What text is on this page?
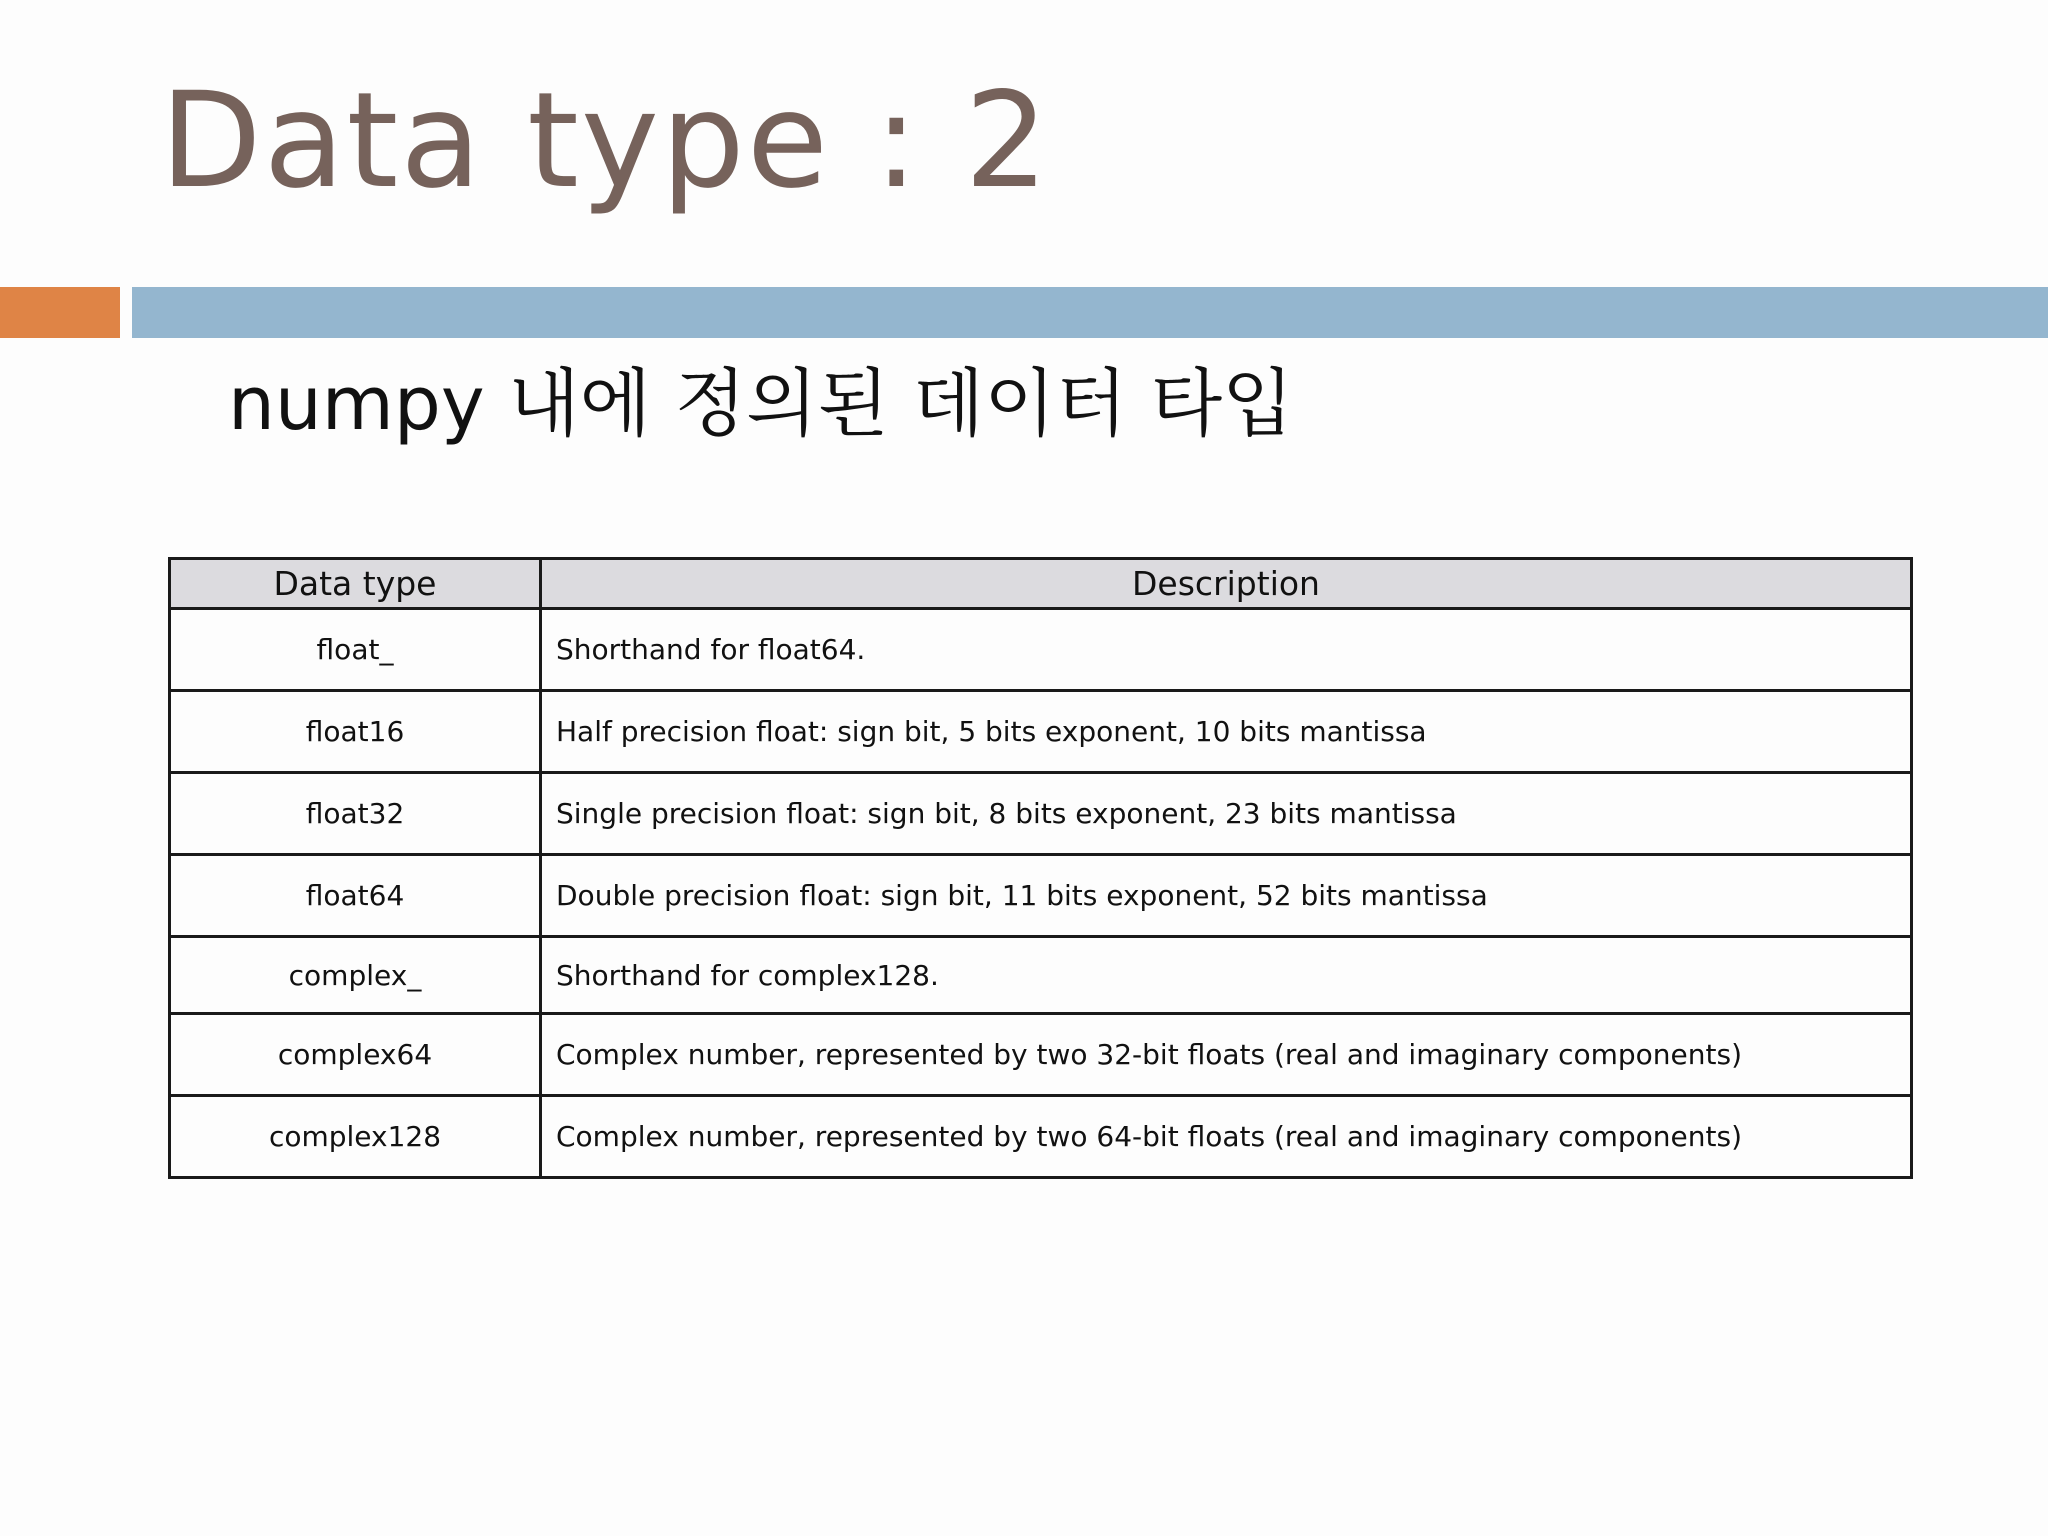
Data type : 2
numpy 내에 정의된 데이터 타입
Data type	Description
float_	Shorthand for float64.
float16	Half precision float: sign bit, 5 bits exponent, 10 bits mantissa
float32	Single precision float: sign bit, 8 bits exponent, 23 bits mantissa
float64	Double precision float: sign bit, 11 bits exponent, 52 bits mantissa
complex_	Shorthand for complex128.
complex64	Complex number, represented by two 32-bit floats (real and imaginary components)
complex128	Complex number, represented by two 64-bit floats (real and imaginary components)
